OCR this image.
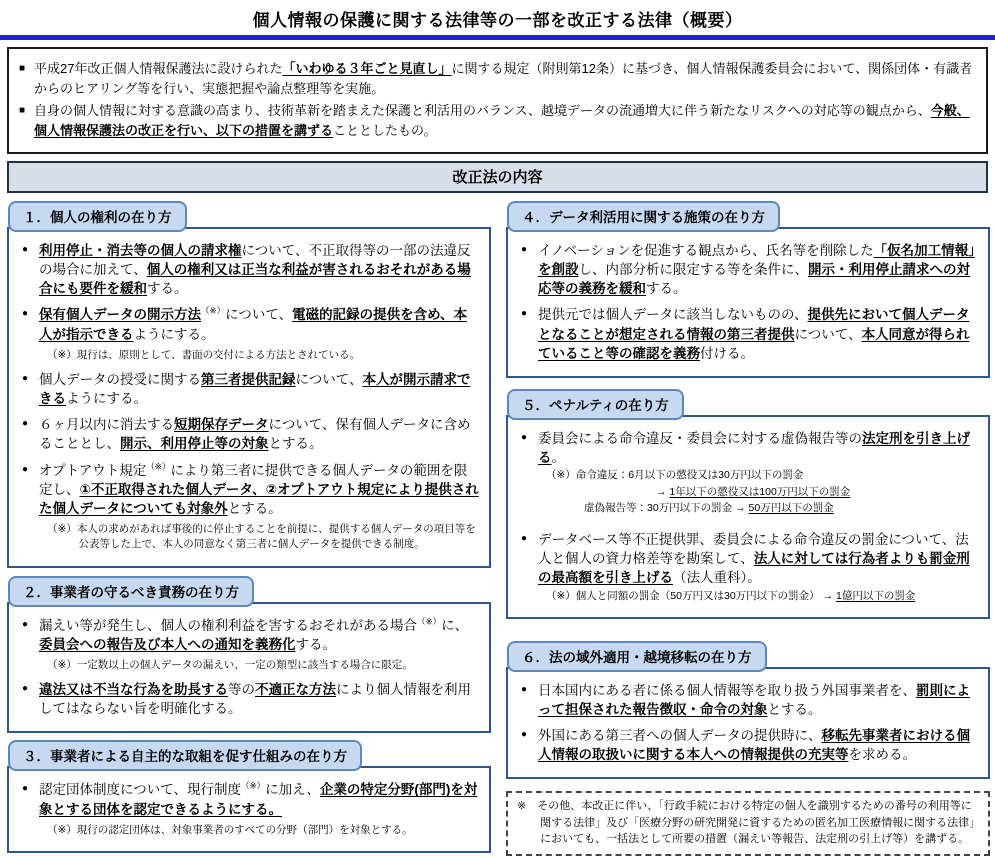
個人情報の保護に関する法律等の一部を改正する法律（概要）
■ 平成27年改正個人情報保護法に設けられた「いわゆる３年ごと見直し」に関する規定（附則第12条）に基づき、個人情報保護委員会において、関係団体・有識者からのヒアリング等を行い、実態把握や論点整理等を実施。
■ 自身の個人情報に対する意識の高まり、技術革新を踏まえた保護と利活用のバランス、越境データの流通増大に伴う新たなリスクへの対応等の観点から、今般、個人情報保護法の改正を行い、以下の措置を講ずることとしたもの。
改正法の内容
１．個人の権利の在り方
● 利用停止・消去等の個人の請求権について、不正取得等の一部の法違反の場合に加えて、個人の権利又は正当な利益が害されるおそれがある場合にも要件を緩和する。
● 保有個人データの開示方法（※）について、電磁的記録の提供を含め、本人が指示できるようにする。
（※）現行は、原則として、書面の交付による方法とされている。
● 個人データの授受に関する第三者提供記録について、本人が開示請求できるようにする。
● ６ヶ月以内に消去する短期保存データについて、保有個人データに含めることとし、開示、利用停止等の対象とする。
● オプトアウト規定（※）により第三者に提供できる個人データの範囲を限定し、①不正取得された個人データ、②オプトアウト規定により提供された個人データについても対象外とする。
（※）本人の求めがあれば事後的に停止することを前提に、提供する個人データの項目等を公表等した上で、本人の同意なく第三者に個人データを提供できる制度。
２．事業者の守るべき責務の在り方
● 漏えい等が発生し、個人の権利利益を害するおそれがある場合（※）に、委員会への報告及び本人への通知を義務化する。
（※）一定数以上の個人データの漏えい、一定の類型に該当する場合に限定。
● 違法又は不当な行為を助長する等の不適正な方法により個人情報を利用してはならない旨を明確化する。
３．事業者による自主的な取組を促す仕組みの在り方
● 認定団体制度について、現行制度（※）に加え、企業の特定分野(部門)を対象とする団体を認定できるようにする。
（※）現行の認定団体は、対象事業者のすべての分野（部門）を対象とする。
４．データ利活用に関する施策の在り方
● イノベーションを促進する観点から、氏名等を削除した「仮名加工情報」を創設し、内部分析に限定する等を条件に、開示・利用停止請求への対応等の義務を緩和する。
● 提供元では個人データに該当しないものの、提供先において個人データとなることが想定される情報の第三者提供について、本人同意が得られていること等の確認を義務付ける。
５．ペナルティの在り方
● 委員会による命令違反・委員会に対する虚偽報告等の法定刑を引き上げる。
（※）命令違反：6月以下の懲役又は30万円以下の罰金
→ 1年以下の懲役又は100万円以下の罰金
虚偽報告等：30万円以下の罰金 → 50万円以下の罰金
● データベース等不正提供罪、委員会による命令違反の罰金について、法人と個人の資力格差等を勘案して、法人に対しては行為者よりも罰金刑の最高額を引き上げる（法人重科）。
（※）個人と同額の罰金（50万円又は30万円以下の罰金） → 1億円以下の罰金
６．法の域外適用・越境移転の在り方
● 日本国内にある者に係る個人情報等を取り扱う外国事業者を、罰則によって担保された報告徴収・命令の対象とする。
● 外国にある第三者への個人データの提供時に、移転先事業者における個人情報の取扱いに関する本人への情報提供の充実等を求める。
※　その他、本改正に伴い、「行政手続における特定の個人を識別するための番号の利用等に関する法律」及び「医療分野の研究開発に資するための匿名加工医療情報に関する法律」においても、一括法として所要の措置（漏えい等報告、法定刑の引上げ等）を講ずる。
